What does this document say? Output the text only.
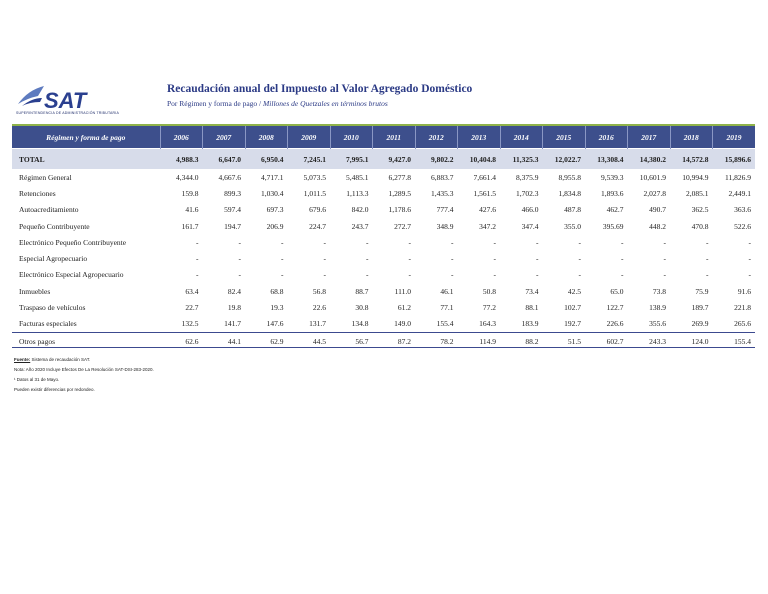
SAT
SUPERINTENDENCIA DE ADMINISTRACIÓN TRIBUTARIA
Recaudación anual del Impuesto al Valor Agregado Doméstico
Por Régimen y forma de pago / Millones de Quetzales en términos brutos
Régimen y forma de pago	2006	2007	2008	2009	2010	2011	2012	2013	2014	2015	2016	2017	2018	2019
TOTAL	4,988.3	6,647.0	6,950.4	7,245.1	7,995.1	9,427.0	9,802.2	10,404.8	11,325.3	12,022.7	13,308.4	14,380.2	14,572.8	15,896.6
Régimen General	4,344.0	4,667.6	4,717.1	5,073.5	5,485.1	6,277.8	6,883.7	7,661.4	8,375.9	8,955.8	9,539.3	10,601.9	10,994.9	11,826.9
Retenciones	159.8	899.3	1,030.4	1,011.5	1,113.3	1,289.5	1,435.3	1,561.5	1,702.3	1,834.8	1,893.6	2,027.8	2,085.1	2,449.1
Autoacreditamiento	41.6	597.4	697.3	679.6	842.0	1,178.6	777.4	427.6	466.0	487.8	462.7	490.7	362.5	363.6
Pequeño Contribuyente	161.7	194.7	206.9	224.7	243.7	272.7	348.9	347.2	347.4	355.0	395.69	448.2	470.8	522.6
Electrónico Pequeño Contribuyente	-	-	-	-	-	-	-	-	-	-	-	-	-	-
Especial Agropecuario	-	-	-	-	-	-	-	-	-	-	-	-	-	-
Electrónico Especial Agropecuario	-	-	-	-	-	-	-	-	-	-	-	-	-	-
Inmuebles	63.4	82.4	68.8	56.8	88.7	111.0	46.1	50.8	73.4	42.5	65.0	73.8	75.9	91.6
Traspaso de vehículos	22.7	19.8	19.3	22.6	30.8	61.2	77.1	77.2	88.1	102.7	122.7	138.9	189.7	221.8
Facturas especiales	132.5	141.7	147.6	131.7	134.8	149.0	155.4	164.3	183.9	192.7	226.6	355.6	269.9	265.6
Otros pagos	62.6	44.1	62.9	44.5	56.7	87.2	78.2	114.9	88.2	51.5	602.7	243.3	124.0	155.4
Fuente: Sistema de recaudación SAT.
Nota: Año 2020 Incluye Efectos De La Resolución SAT-DSI-283-2020.
¹ Datos al 31 de Mayo.
Pueden existir diferencias por redondeo.
